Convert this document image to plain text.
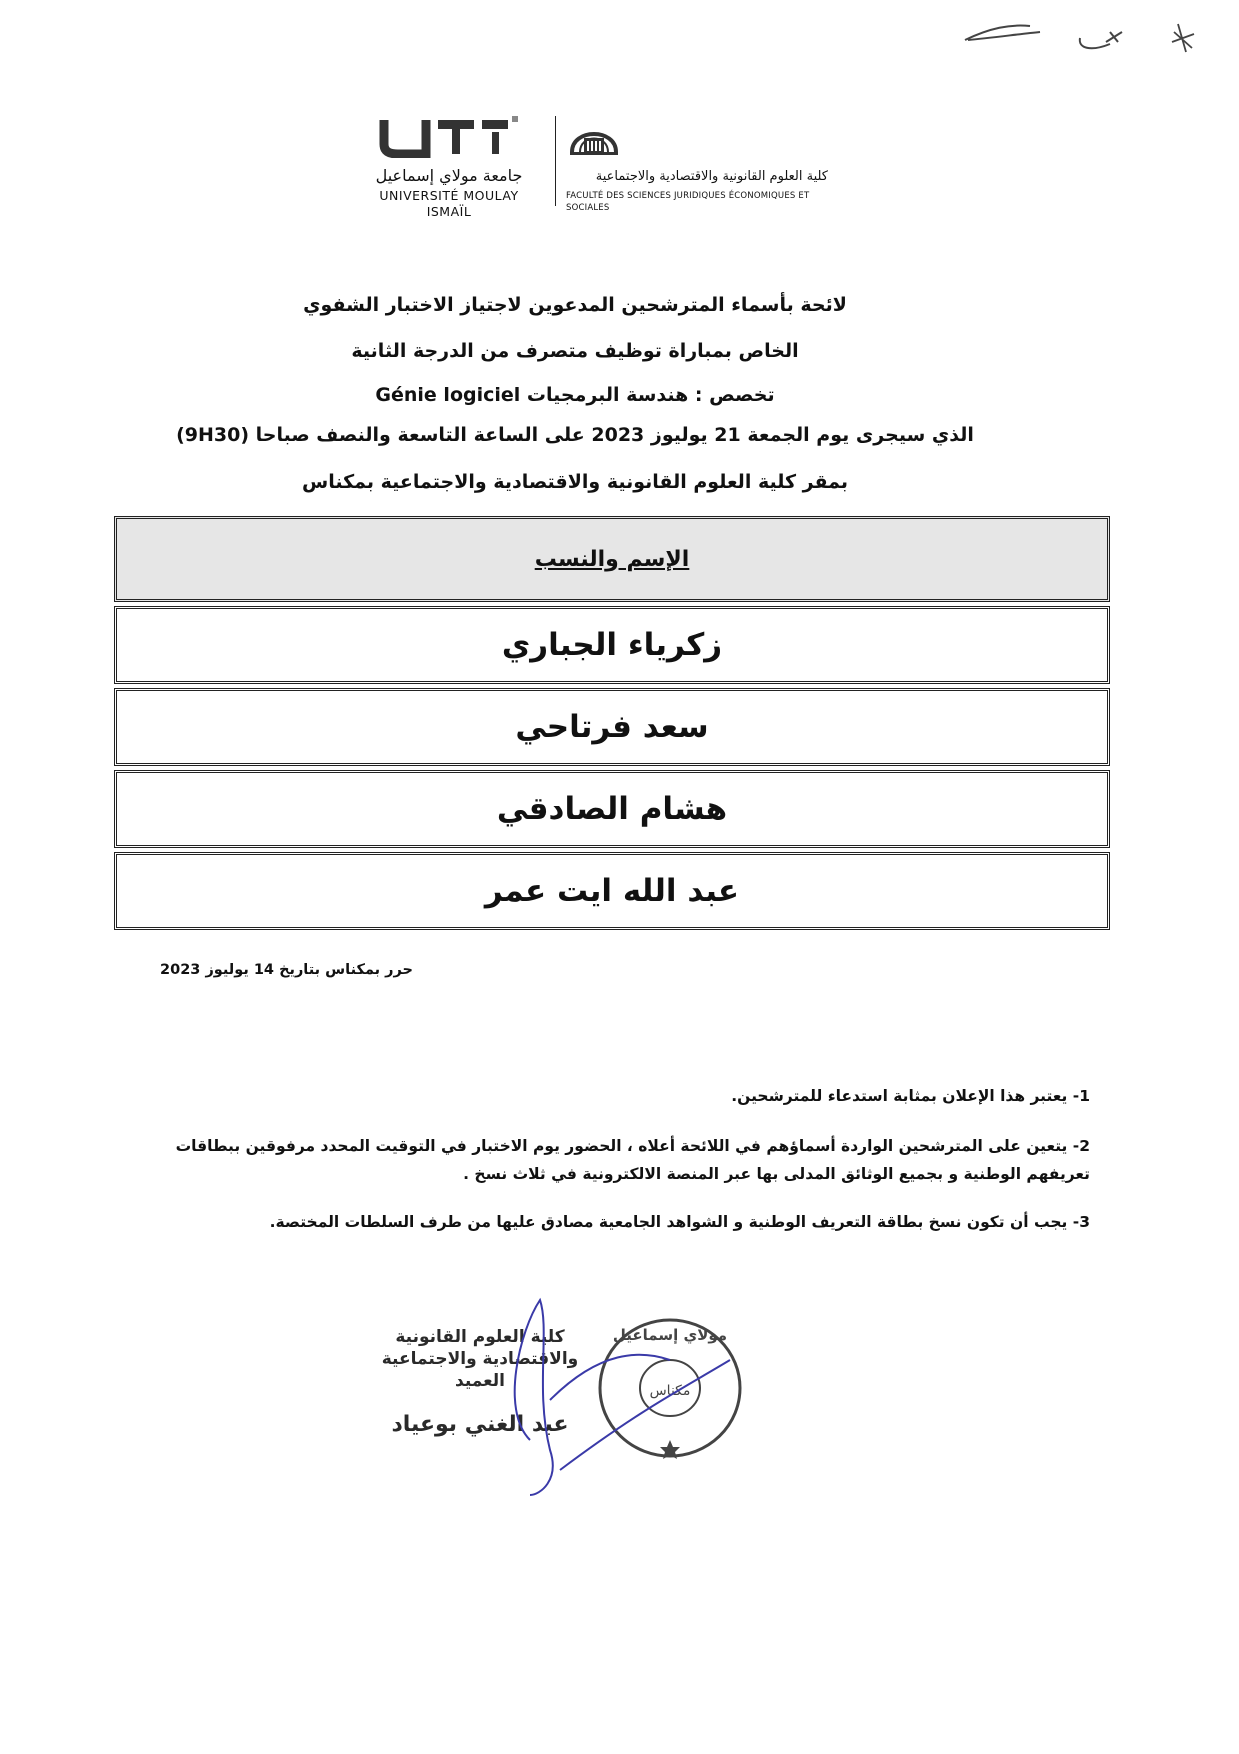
جامعة مولاي إسماعيل
UNIVERSITÉ MOULAY ISMAÏL
كلية العلوم القانونية والاقتصادية والاجتماعية
FACULTÉ DES SCIENCES JURIDIQUES ÉCONOMIQUES ET SOCIALES
لائحة بأسماء المترشحين المدعوين لاجتياز الاختبار الشفوي
الخاص بمباراة توظيف متصرف من الدرجة الثانية
تخصص : هندسة البرمجيات Génie logiciel
الذي سيجرى يوم الجمعة 21 يوليوز 2023 على الساعة التاسعة والنصف صباحا (9H30)
بمقر كلية العلوم القانونية والاقتصادية والاجتماعية بمكناس
الإسم والنسب
زكرياء الجباري
سعد فرتاحي
هشام الصادقي
عبد الله ايت عمر
حرر بمكناس بتاريخ 14 يوليوز 2023
1- يعتبر هذا الإعلان بمثابة استدعاء للمترشحين.
2- يتعين على المترشحين الواردة أسماؤهم في اللائحة أعلاه ، الحضور يوم الاختبار في التوقيت المحدد مرفوقين ببطاقات تعريفهم الوطنية و بجميع الوثائق المدلى بها عبر المنصة الالكترونية في ثلاث نسخ .
3- يجب أن تكون نسخ بطاقة التعريف الوطنية و الشواهد الجامعية مصادق عليها من طرف السلطات المختصة.
كلية العلوم القانونية
والاقتصادية والاجتماعية
العميد
عبد الغني بوعياد
مولاي إسماعيل
مكناس
